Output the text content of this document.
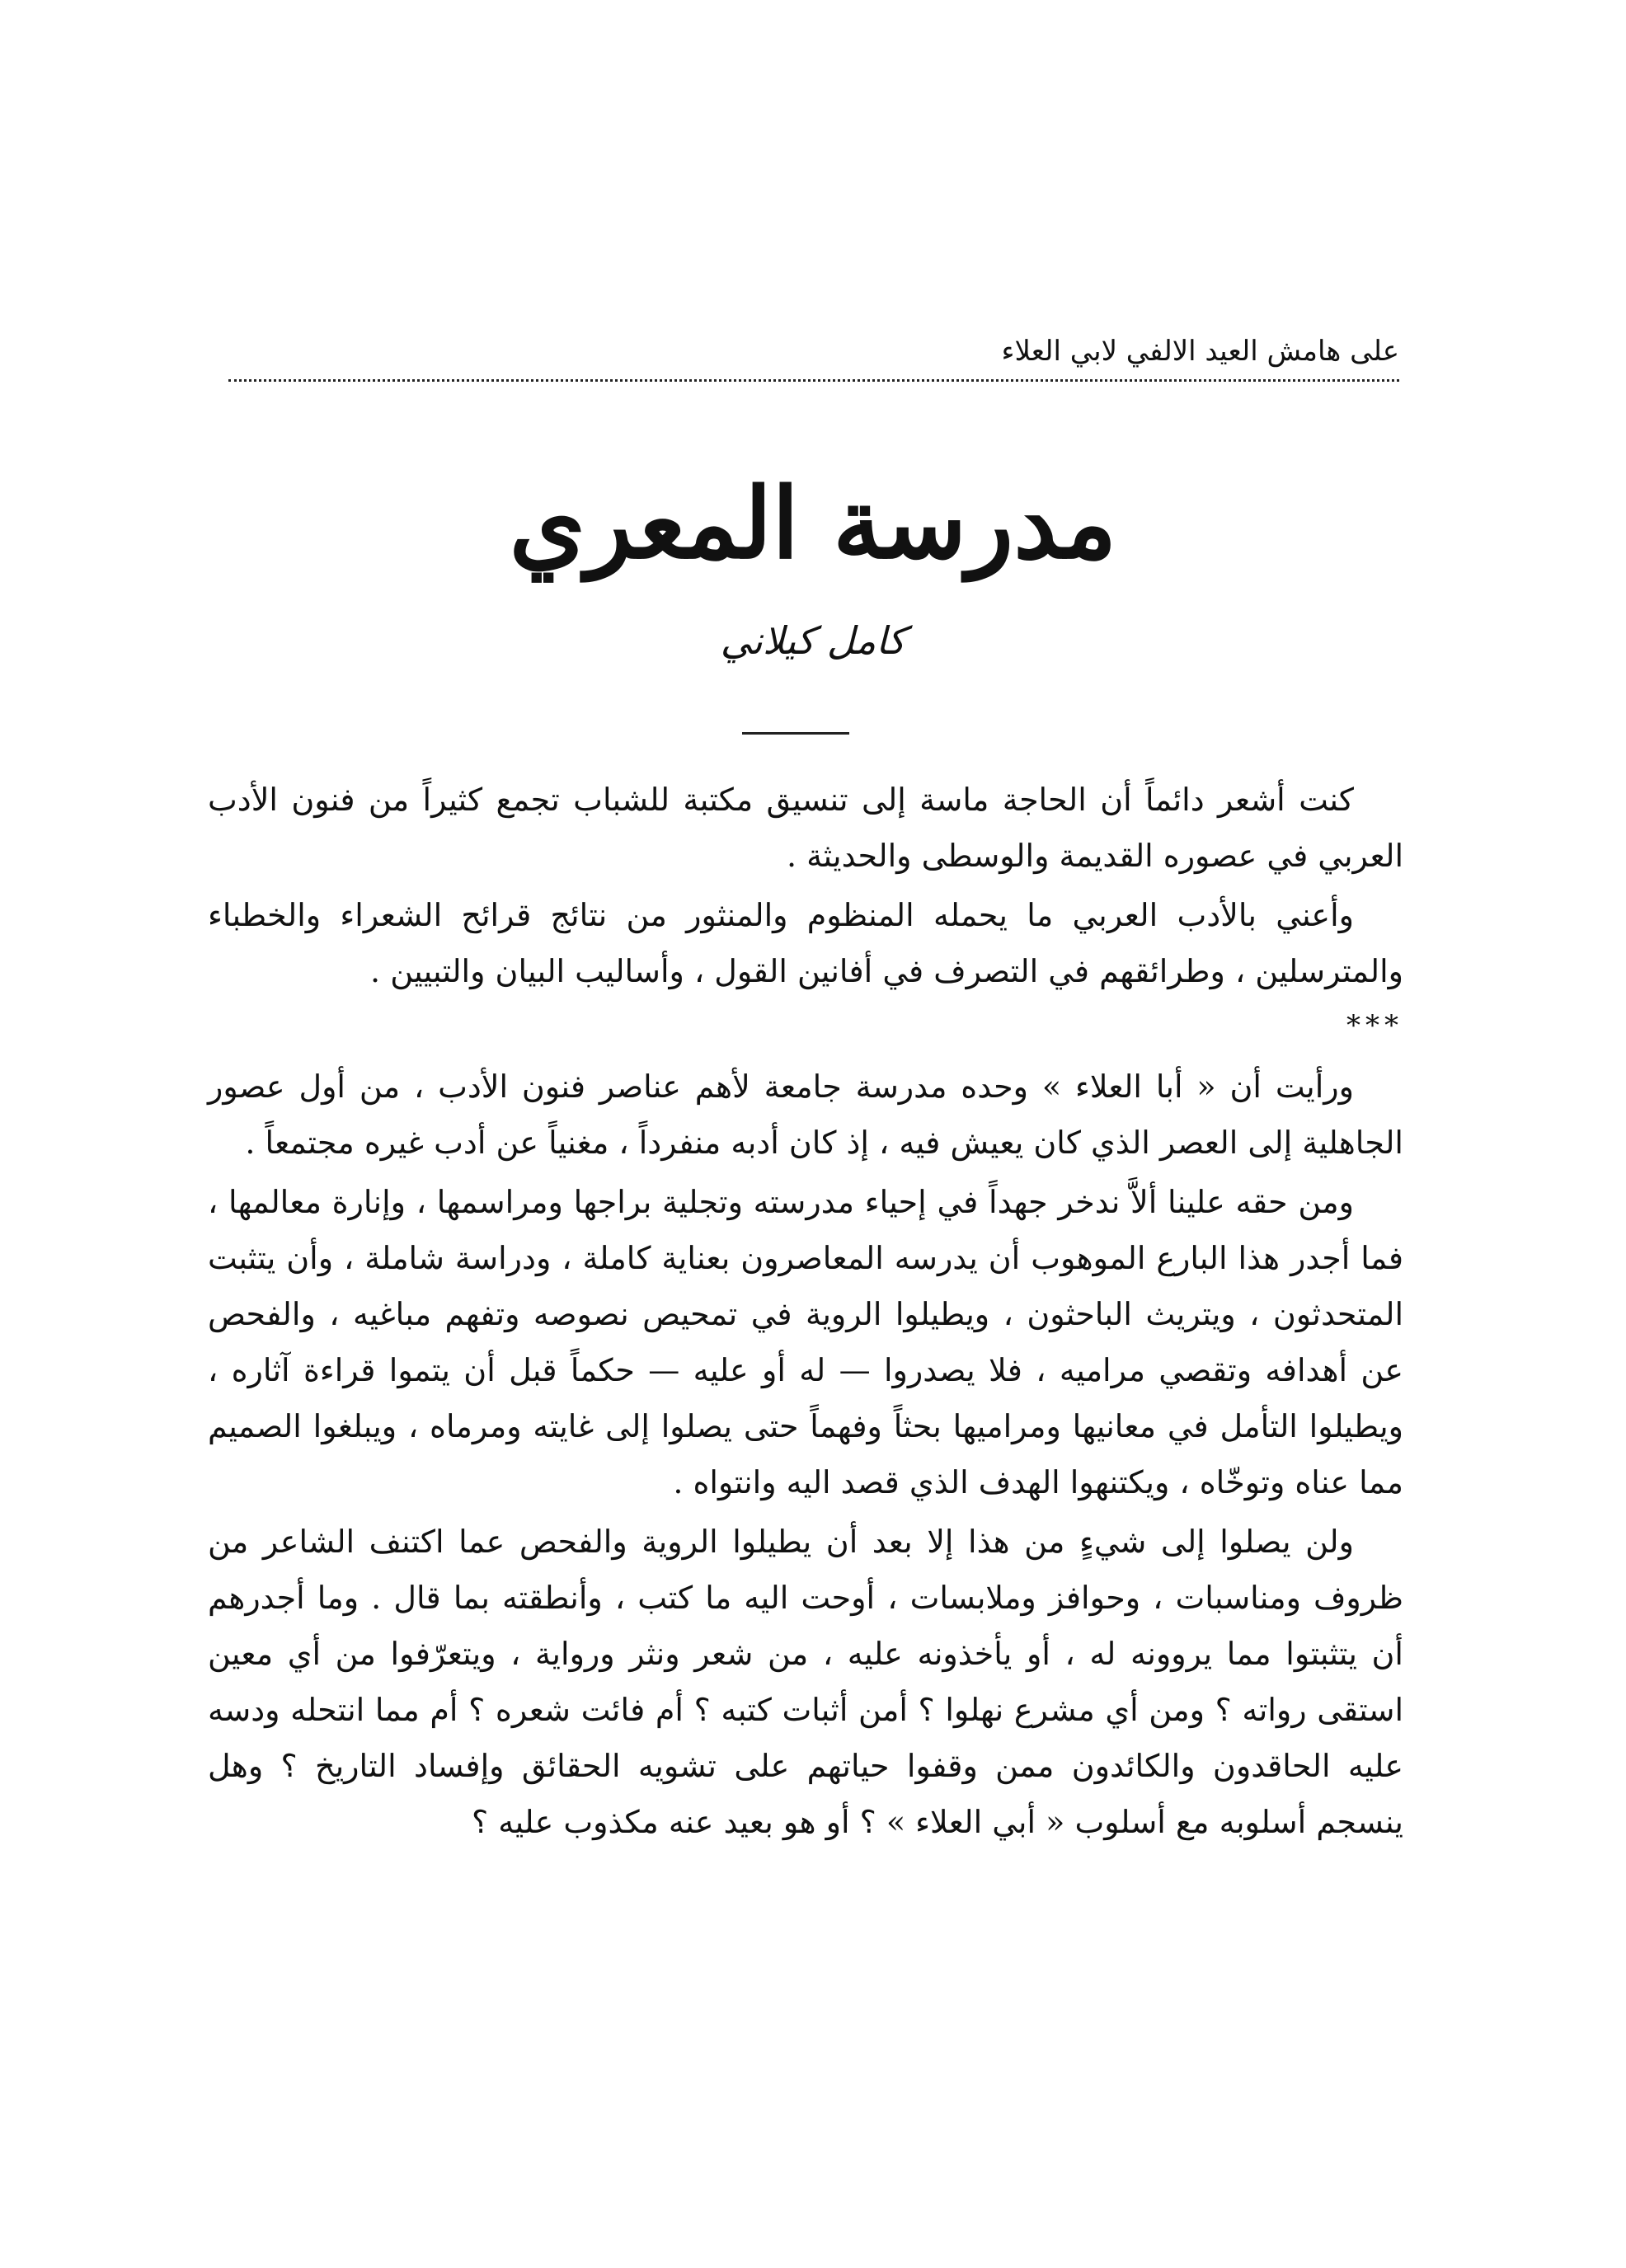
على هامش العيد الالفي لابي العلاء
مدرسة المعري
كامل كيلاني

كنت أشعر دائماً أن الحاجة ماسة إلى تنسيق مكتبة للشباب تجمع كثيراً من فنون الأدب العربي في عصوره القديمة والوسطى والحديثة .

وأعني بالأدب العربي ما يحمله المنظوم والمنثور من نتائج قرائح الشعراء والخطباء والمترسلين ، وطرائقهم في التصرف في أفانين القول ، وأساليب البيان والتبيين .

***

ورأيت أن « أبا العلاء » وحده مدرسة جامعة لأهم عناصر فنون الأدب ، من أول عصور الجاهلية إلى العصر الذي كان يعيش فيه ، إذ كان أدبه منفرداً ، مغنياً عن أدب غيره مجتمعاً .

ومن حقه علينا ألاَّ ندخر جهداً في إحياء مدرسته وتجلية براجها ومراسمها ، وإنارة معالمها ، فما أجدر هذا البارع الموهوب أن يدرسه المعاصرون بعناية كاملة ، ودراسة شاملة ، وأن يتثبت المتحدثون ، ويتريث الباحثون ، ويطيلوا الروية في تمحيص نصوصه وتفهم مباغيه ، والفحص عن أهدافه وتقصي مراميه ، فلا يصدروا — له أو عليه — حكماً قبل أن يتموا قراءة آثاره ، ويطيلوا التأمل في معانيها ومراميها بحثاً وفهماً حتى يصلوا إلى غايته ومرماه ، ويبلغوا الصميم مما عناه وتوخّاه ، ويكتنهوا الهدف الذي قصد اليه وانتواه .

ولن يصلوا إلى شيءٍ من هذا إلا بعد أن يطيلوا الروية والفحص عما اكتنف الشاعر من ظروف ومناسبات ، وحوافز وملابسات ، أوحت اليه ما كتب ، وأنطقته بما قال . وما أجدرهم أن يتثبتوا مما يروونه له ، أو يأخذونه عليه ، من شعر ونثر ورواية ، ويتعرّفوا من أي معين استقى رواته ؟ ومن أي مشرع نهلوا ؟ أمن أثبات كتبه ؟ أم فائت شعره ؟ أم مما انتحله ودسه عليه الحاقدون والكائدون ممن وقفوا حياتهم على تشويه الحقائق وإفساد التاريخ ؟ وهل ينسجم أسلوبه مع أسلوب « أبي العلاء » ؟ أو هو بعيد عنه مكذوب عليه ؟
